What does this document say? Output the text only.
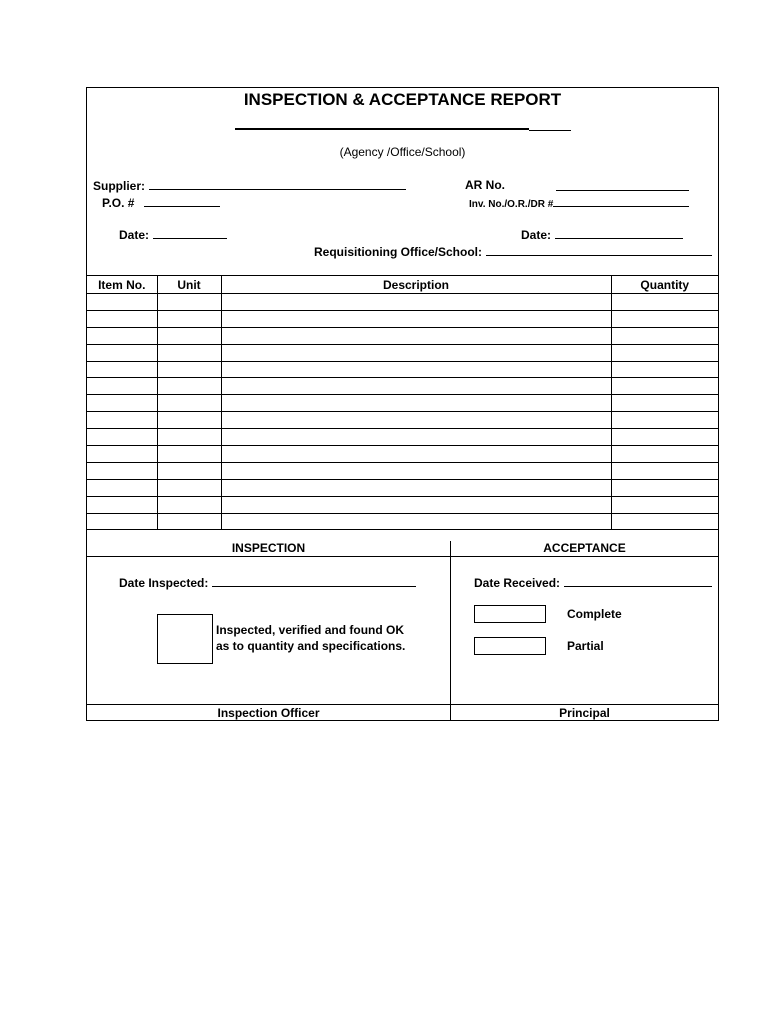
INSPECTION & ACCEPTANCE REPORT
(Agency /Office/School)
Supplier:
P.O. #
Date:
AR No.
Inv. No./O.R./DR #
Date:
Requisitioning Office/School:
Item No.	Unit	Description	Quantity

INSPECTION	ACCEPTANCE
Date Inspected:
Inspected, verified and found OK
as to quantity and specifications.
Date Received:
Complete
Partial
Inspection Officer	Principal
